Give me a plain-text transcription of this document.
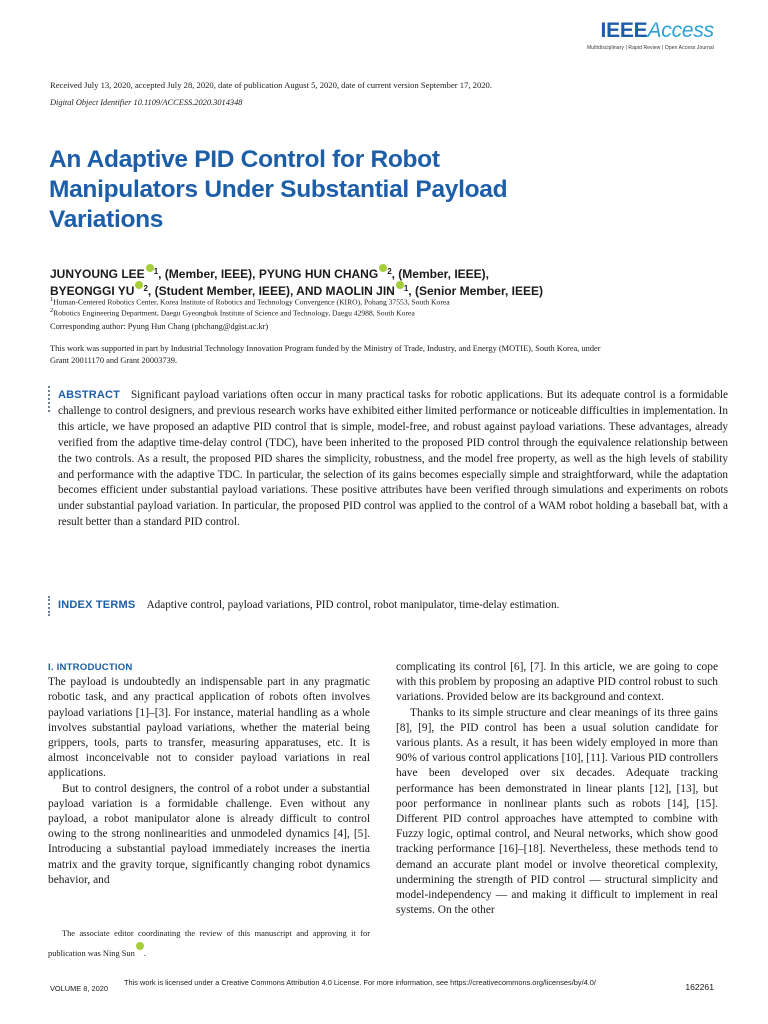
IEEEAccess
Multidisciplinary | Rapid Review | Open Access Journal
Received July 13, 2020, accepted July 28, 2020, date of publication August 5, 2020, date of current version September 17, 2020.
Digital Object Identifier 10.1109/ACCESS.2020.3014348
An Adaptive PID Control for Robot Manipulators Under Substantial Payload Variations
JUNYOUNG LEE $^1$, (Member, IEEE), PYUNG HUN CHANG $^2$, (Member, IEEE),
BYEONGGI YU $^2$, (Student Member, IEEE), AND MAOLIN JIN $^1$, (Senior Member, IEEE)
$^1$Human-Centered Robotics Center, Korea Institute of Robotics and Technology Convergence (KIRO), Pohang 37553, South Korea
$^2$Robotics Engineering Department, Daegu Gyeongbuk Institute of Science and Technology, Daegu 42988, South Korea
Corresponding author: Pyung Hun Chang (phchang@dgist.ac.kr)
This work was supported in part by Industrial Technology Innovation Program funded by the Ministry of Trade, Industry, and Energy (MOTIE), South Korea, under Grant 20011170 and Grant 20003739.

ABSTRACT Significant payload variations often occur in many practical tasks for robotic applications. But its adequate control is a formidable challenge to control designers, and previous research works have exhibited either limited performance or noticeable difficulties in implementation. In this article, we have proposed an adaptive PID control that is simple, model-free, and robust against payload variations. These advantages, already verified from the adaptive time-delay control (TDC), have been inherited to the proposed PID control through the equivalence relationship between the two controls. As a result, the proposed PID shares the simplicity, robustness, and the model free property, as well as the high levels of stability and performance with the adaptive TDC. In particular, the selection of its gains becomes especially simple and straightforward, while the adaptation becomes efficient under substantial payload variations. These positive attributes have been verified through simulations and experiments on robots under substantial payload variation. In particular, the proposed PID control was applied to the control of a WAM robot holding a baseball bat, with a result better than a standard PID control.

INDEX TERMS Adaptive control, payload variations, PID control, robot manipulator, time-delay estimation.

I. INTRODUCTION

The payload is undoubtedly an indispensable part in any pragmatic robotic task, and any practical application of robots often involves payload variations [1]–[3]. For instance, material handling as a whole involves substantial payload variations, whether the material being grippers, tools, parts to transfer, measuring apparatuses, etc. It is almost inconceivable not to consider payload variations in real applications.

But to control designers, the control of a robot under a substantial payload variation is a formidable challenge. Even without any payload, a robot manipulator alone is already difficult to control owing to the strong nonlinearities and unmodeled dynamics [4], [5]. Introducing a substantial payload immediately increases the inertia matrix and the gravity torque, significantly changing robot dynamics behavior, and

complicating its control [6], [7]. In this article, we are going to cope with this problem by proposing an adaptive PID control robust to such variations. Provided below are its background and context.

Thanks to its simple structure and clear meanings of its three gains [8], [9], the PID control has been a usual solution candidate for various plants. As a result, it has been widely employed in more than 90% of various control applications [10], [11]. Various PID controllers have been developed over six decades. Adequate tracking performance has been demonstrated in linear plants [12], [13], but poor performance in nonlinear plants such as robots [14], [15]. Different PID control approaches have attempted to combine with Fuzzy logic, optimal control, and Neural networks, which show good tracking performance [16]–[18]. Nevertheless, these methods tend to demand an accurate plant model or involve theoretical complexity, undermining the strength of PID control — structural simplicity and model-independency — and making it difficult to implement in real systems. On the other

The associate editor coordinating the review of this manuscript and approving it for publication was Ning Sun .

VOLUME 8, 2020
This work is licensed under a Creative Commons Attribution 4.0 License. For more information, see https://creativecommons.org/licenses/by/4.0/	162261
